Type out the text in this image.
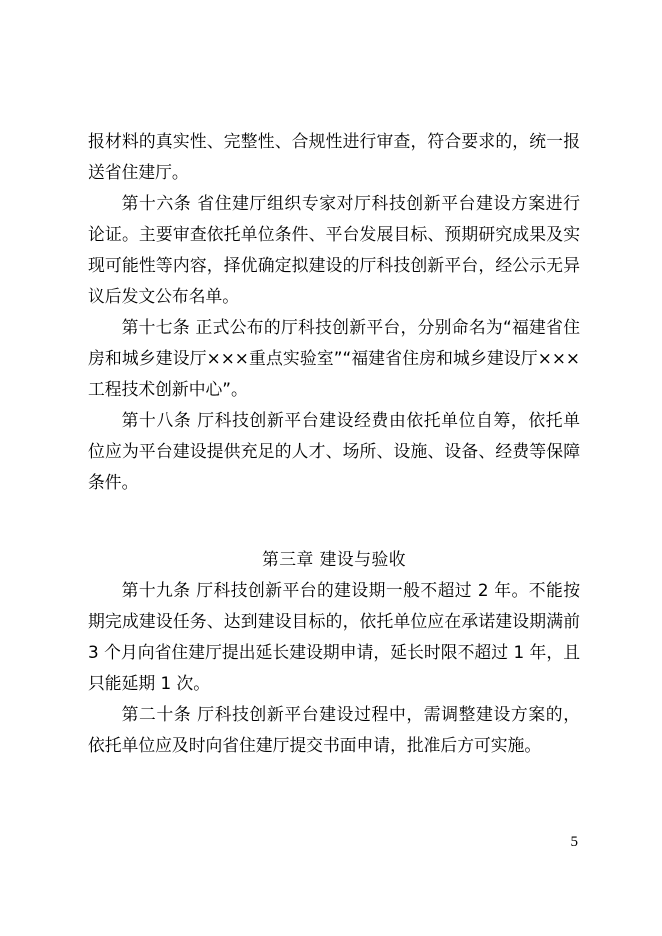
报材料的真实性、完整性、合规性进行审查，符合要求的，统一报送省住建厅。

第十六条 省住建厅组织专家对厅科技创新平台建设方案进行论证。主要审查依托单位条件、平台发展目标、预期研究成果及实现可能性等内容，择优确定拟建设的厅科技创新平台，经公示无异议后发文公布名单。

第十七条 正式公布的厅科技创新平台，分别命名为“福建省住房和城乡建设厅×××重点实验室”“福建省住房和城乡建设厅×××工程技术创新中心”。

第十八条 厅科技创新平台建设经费由依托单位自筹，依托单位应为平台建设提供充足的人才、场所、设施、设备、经费等保障条件。

第三章 建设与验收

第十九条 厅科技创新平台的建设期一般不超过 2 年。不能按期完成建设任务、达到建设目标的，依托单位应在承诺建设期满前 3 个月向省住建厅提出延长建设期申请，延长时限不超过 1 年，且只能延期 1 次。

第二十条 厅科技创新平台建设过程中，需调整建设方案的，依托单位应及时向省住建厅提交书面申请，批准后方可实施。

5
